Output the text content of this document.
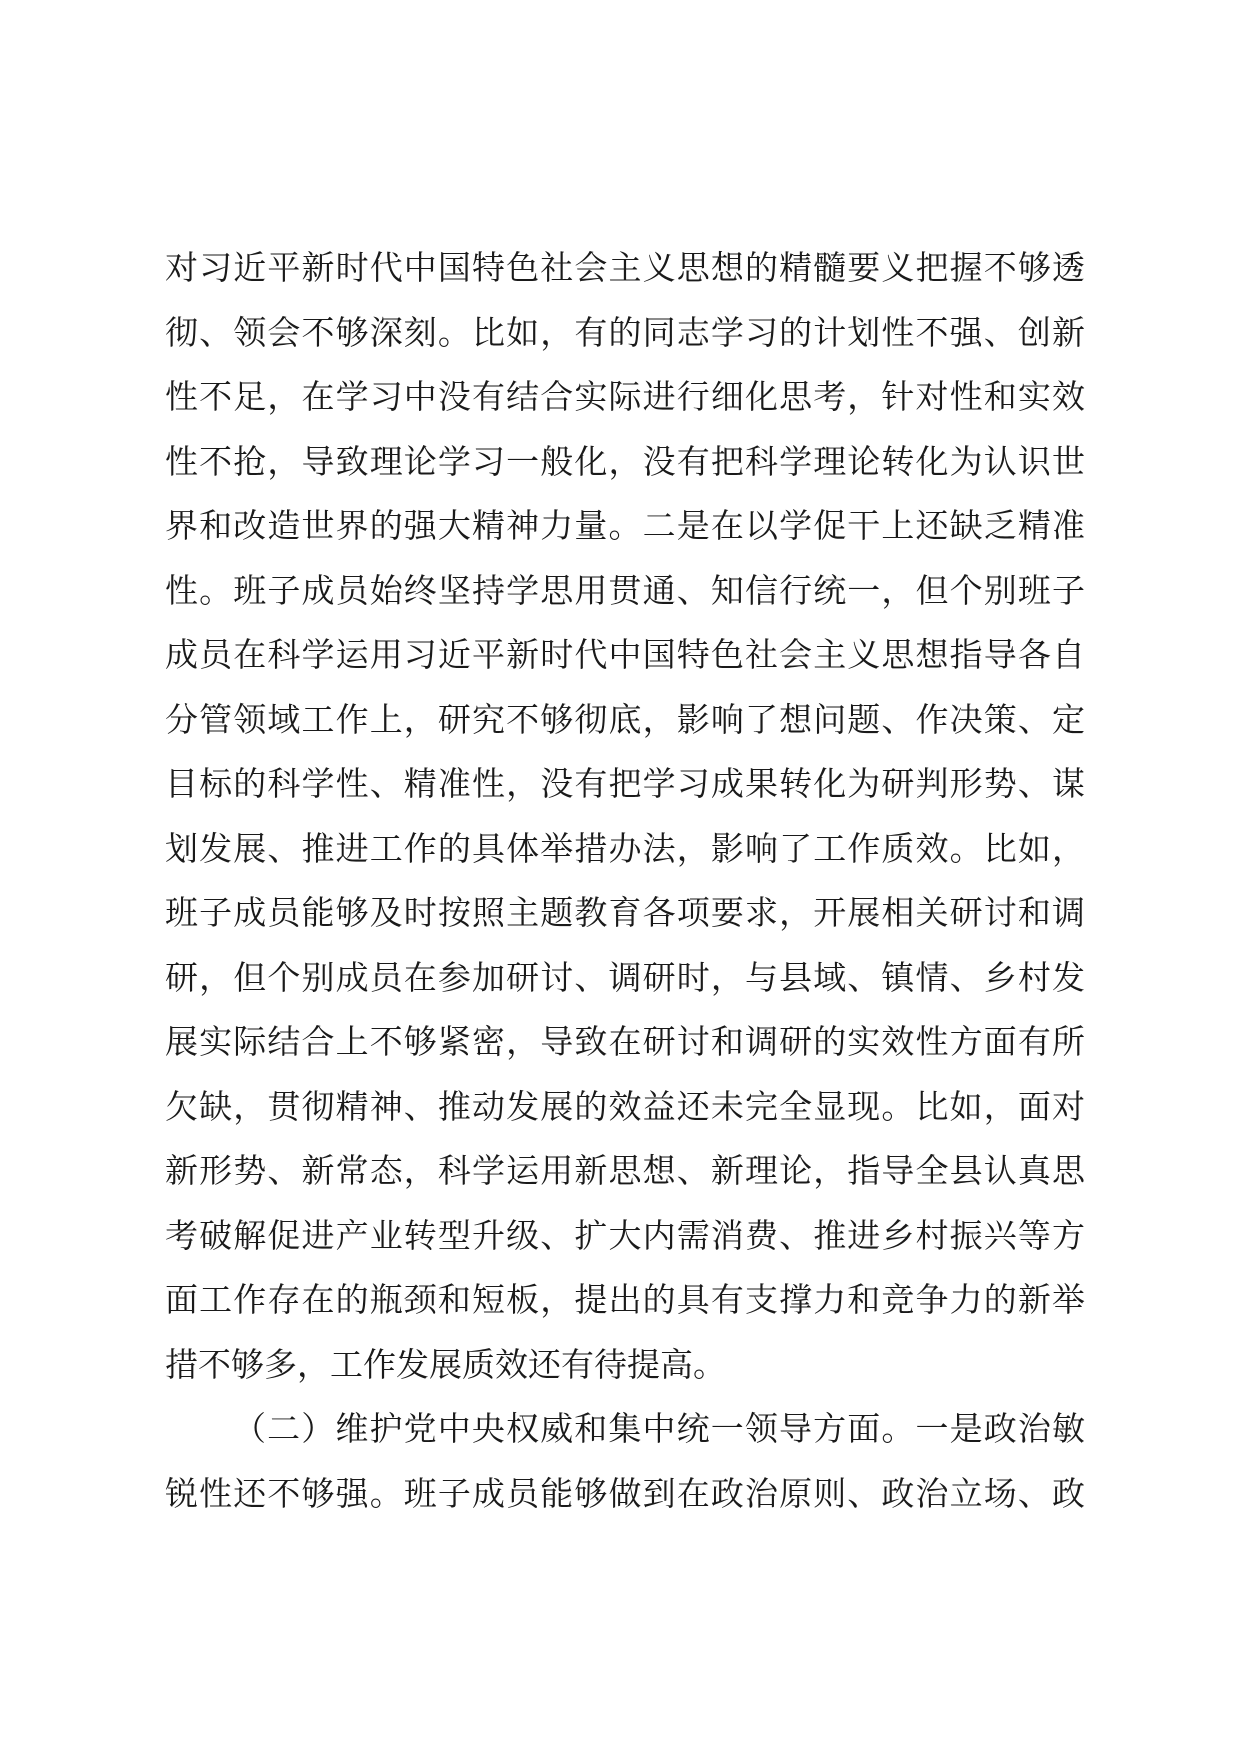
对习近平新时代中国特色社会主义思想的精髓要义把握不够透
彻、领会不够深刻。比如，有的同志学习的计划性不强、创新
性不足，在学习中没有结合实际进行细化思考，针对性和实效
性不抢，导致理论学习一般化，没有把科学理论转化为认识世
界和改造世界的强大精神力量。二是在以学促干上还缺乏精准
性。班子成员始终坚持学思用贯通、知信行统一，但个别班子
成员在科学运用习近平新时代中国特色社会主义思想指导各自
分管领域工作上，研究不够彻底，影响了想问题、作决策、定
目标的科学性、精准性，没有把学习成果转化为研判形势、谋
划发展、推进工作的具体举措办法，影响了工作质效。比如，
班子成员能够及时按照主题教育各项要求，开展相关研讨和调
研，但个别成员在参加研讨、调研时，与县域、镇情、乡村发
展实际结合上不够紧密，导致在研讨和调研的实效性方面有所
欠缺，贯彻精神、推动发展的效益还未完全显现。比如，面对
新形势、新常态，科学运用新思想、新理论，指导全县认真思
考破解促进产业转型升级、扩大内需消费、推进乡村振兴等方
面工作存在的瓶颈和短板，提出的具有支撑力和竞争力的新举
措不够多，工作发展质效还有待提高。
（二）维护党中央权威和集中统一领导方面。一是政治敏
锐性还不够强。班子成员能够做到在政治原则、政治立场、政
